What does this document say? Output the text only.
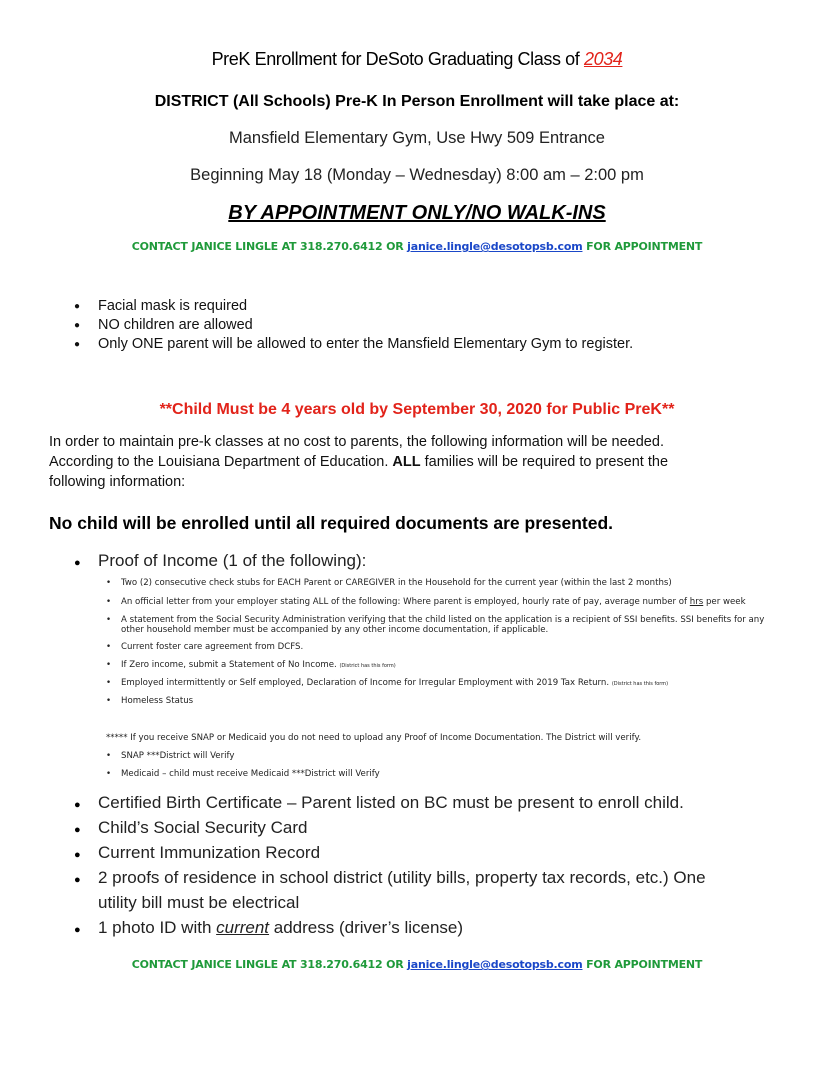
PreK Enrollment for DeSoto Graduating Class of 2034
DISTRICT (All Schools) Pre-K In Person Enrollment will take place at:
Mansfield Elementary Gym, Use Hwy 509 Entrance
Beginning May 18 (Monday – Wednesday) 8:00 am – 2:00 pm
BY APPOINTMENT ONLY/NO WALK-INS
CONTACT JANICE LINGLE AT 318.270.6412 OR janice.lingle@desotopsb.com FOR APPOINTMENT
● Facial mask is required
● NO children are allowed
● Only ONE parent will be allowed to enter the Mansfield Elementary Gym to register.
**Child Must be 4 years old by September 30, 2020 for Public PreK**

In order to maintain pre-k classes at no cost to parents, the following information will be needed.

According to the Louisiana Department of Education. ALL families will be required to present the

following information:

No child will be enrolled until all required documents are presented.
● Proof of Income (1 of the following):
• Two (2) consecutive check stubs for EACH Parent or CAREGIVER in the Household for the current year (within the last 2 months)
• An official letter from your employer stating ALL of the following: Where parent is employed, hourly rate of pay, average number of hrs per week
• A statement from the Social Security Administration verifying that the child listed on the application is a recipient of SSI benefits. SSI benefits for any
other household member must be accompanied by any other income documentation, if applicable.
• Current foster care agreement from DCFS.
• If Zero income, submit a Statement of No Income. (District has this form)
• Employed intermittently or Self employed, Declaration of Income for Irregular Employment with 2019 Tax Return. (District has this form)
• Homeless Status
***** If you receive SNAP or Medicaid you do not need to upload any Proof of Income Documentation. The District will verify.
• SNAP ***District will Verify
• Medicaid – child must receive Medicaid ***District will Verify
● Certified Birth Certificate – Parent listed on BC must be present to enroll child.
● Child’s Social Security Card
● Current Immunization Record
● 2 proofs of residence in school district (utility bills, property tax records, etc.) One
utility bill must be electrical
● 1 photo ID with current address (driver’s license)
CONTACT JANICE LINGLE AT 318.270.6412 OR janice.lingle@desotopsb.com FOR APPOINTMENT
